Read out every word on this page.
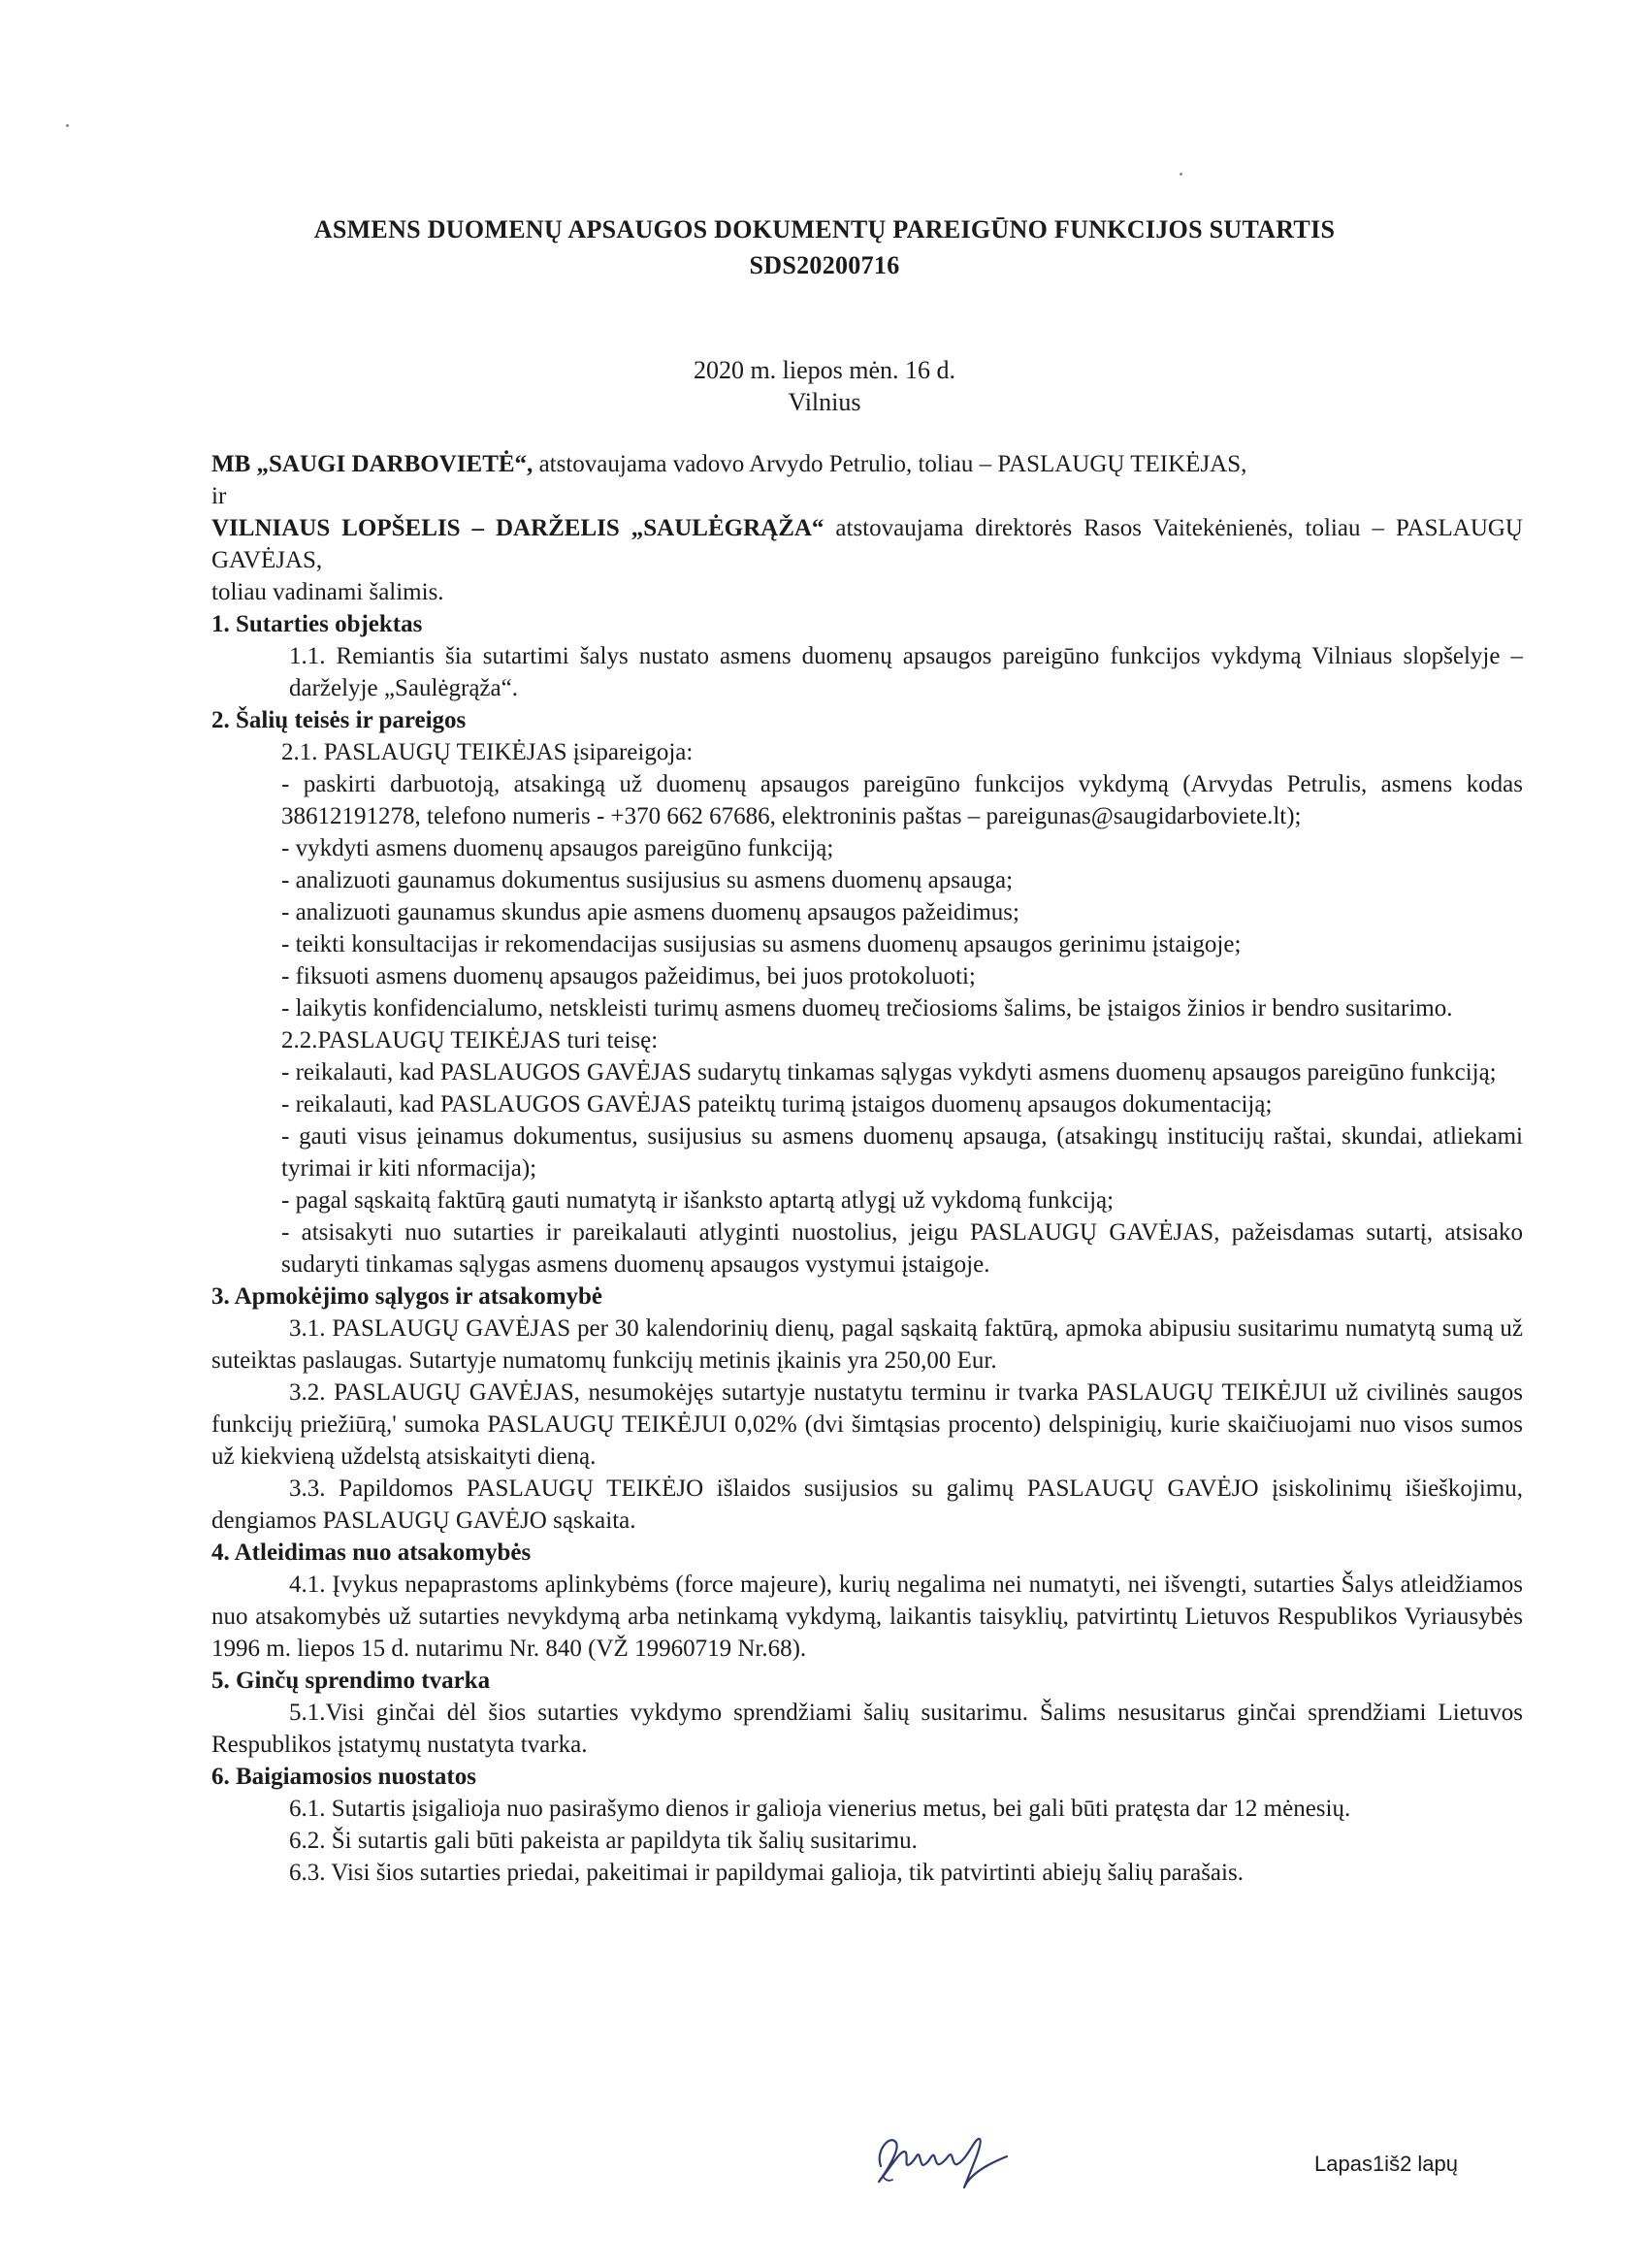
ASMENS DUOMENŲ APSAUGOS DOKUMENTŲ PAREIGŪNO FUNKCIJOS SUTARTIS
SDS20200716
2020 m. liepos mėn. 16 d.
Vilnius

MB „SAUGI DARBOVIETĖ“, atstovaujama vadovo Arvydo Petrulio, toliau – PASLAUGŲ TEIKĖJAS,

ir

VILNIAUS LOPŠELIS – DARŽELIS „SAULĖGRĄŽA“ atstovaujama direktorės Rasos Vaitekėnienės, toliau – PASLAUGŲ GAVĖJAS,

toliau vadinami šalimis.

1. Sutarties objektas

1.1. Remiantis šia sutartimi šalys nustato asmens duomenų apsaugos pareigūno funkcijos vykdymą Vilniaus slopšelyje – darželyje „Saulėgrąža“.

2. Šalių teisės ir pareigos

2.1. PASLAUGŲ TEIKĖJAS įsipareigoja:

- paskirti darbuotoją, atsakingą už duomenų apsaugos pareigūno funkcijos vykdymą (Arvydas Petrulis, asmens kodas 38612191278, telefono numeris - +370 662 67686, elektroninis paštas – pareigunas@saugidarboviete.lt);

- vykdyti asmens duomenų apsaugos pareigūno funkciją;

- analizuoti gaunamus dokumentus susijusius su asmens duomenų apsauga;

- analizuoti gaunamus skundus apie asmens duomenų apsaugos pažeidimus;

- teikti konsultacijas ir rekomendacijas susijusias su asmens duomenų apsaugos gerinimu įstaigoje;

- fiksuoti asmens duomenų apsaugos pažeidimus, bei juos protokoluoti;

- laikytis konfidencialumo, netskleisti turimų asmens duomeų trečiosioms šalims, be įstaigos žinios ir bendro susitarimo.

2.2.PASLAUGŲ TEIKĖJAS turi teisę:

- reikalauti, kad PASLAUGOS GAVĖJAS sudarytų tinkamas sąlygas vykdyti asmens duomenų apsaugos pareigūno funkciją;

- reikalauti, kad PASLAUGOS GAVĖJAS pateiktų turimą įstaigos duomenų apsaugos dokumentaciją;

- gauti visus įeinamus dokumentus, susijusius su asmens duomenų apsauga, (atsakingų institucijų raštai, skundai, atliekami tyrimai ir kiti nformacija);

- pagal sąskaitą faktūrą gauti numatytą ir išanksto aptartą atlygį už vykdomą funkciją;

- atsisakyti nuo sutarties ir pareikalauti atlyginti nuostolius, jeigu PASLAUGŲ GAVĖJAS, pažeisdamas sutartį, atsisako sudaryti tinkamas sąlygas asmens duomenų apsaugos vystymui įstaigoje.

3. Apmokėjimo sąlygos ir atsakomybė

3.1. PASLAUGŲ GAVĖJAS per 30 kalendorinių dienų, pagal sąskaitą faktūrą, apmoka abipusiu susitarimu numatytą sumą už suteiktas paslaugas. Sutartyje numatomų funkcijų metinis įkainis yra 250,00 Eur.

3.2. PASLAUGŲ GAVĖJAS, nesumokėjęs sutartyje nustatytu terminu ir tvarka PASLAUGŲ TEIKĖJUI už civilinės saugos funkcijų priežiūrą,' sumoka PASLAUGŲ TEIKĖJUI 0,02% (dvi šimtąsias procento) delspinigių, kurie skaičiuojami nuo visos sumos už kiekvieną uždelstą atsiskaityti dieną.

3.3. Papildomos PASLAUGŲ TEIKĖJO išlaidos susijusios su galimų PASLAUGŲ GAVĖJO įsiskolinimų išieškojimu, dengiamos PASLAUGŲ GAVĖJO sąskaita.

4. Atleidimas nuo atsakomybės

4.1. Įvykus nepaprastoms aplinkybėms (force majeure), kurių negalima nei numatyti, nei išvengti, sutarties Šalys atleidžiamos nuo atsakomybės už sutarties nevykdymą arba netinkamą vykdymą, laikantis taisyklių, patvirtintų Lietuvos Respublikos Vyriausybės 1996 m. liepos 15 d. nutarimu Nr. 840 (VŽ 19960719 Nr.68).

5. Ginčų sprendimo tvarka

5.1.Visi ginčai dėl šios sutarties vykdymo sprendžiami šalių susitarimu. Šalims nesusitarus ginčai sprendžiami Lietuvos Respublikos įstatymų nustatyta tvarka.

6. Baigiamosios nuostatos

6.1. Sutartis įsigalioja nuo pasirašymo dienos ir galioja vienerius metus, bei gali būti pratęsta dar 12 mėnesių.

6.2. Ši sutartis gali būti pakeista ar papildyta tik šalių susitarimu.

6.3. Visi šios sutarties priedai, pakeitimai ir papildymai galioja, tik patvirtinti abiejų šalių parašais.

Lapas1iš2 lapų
